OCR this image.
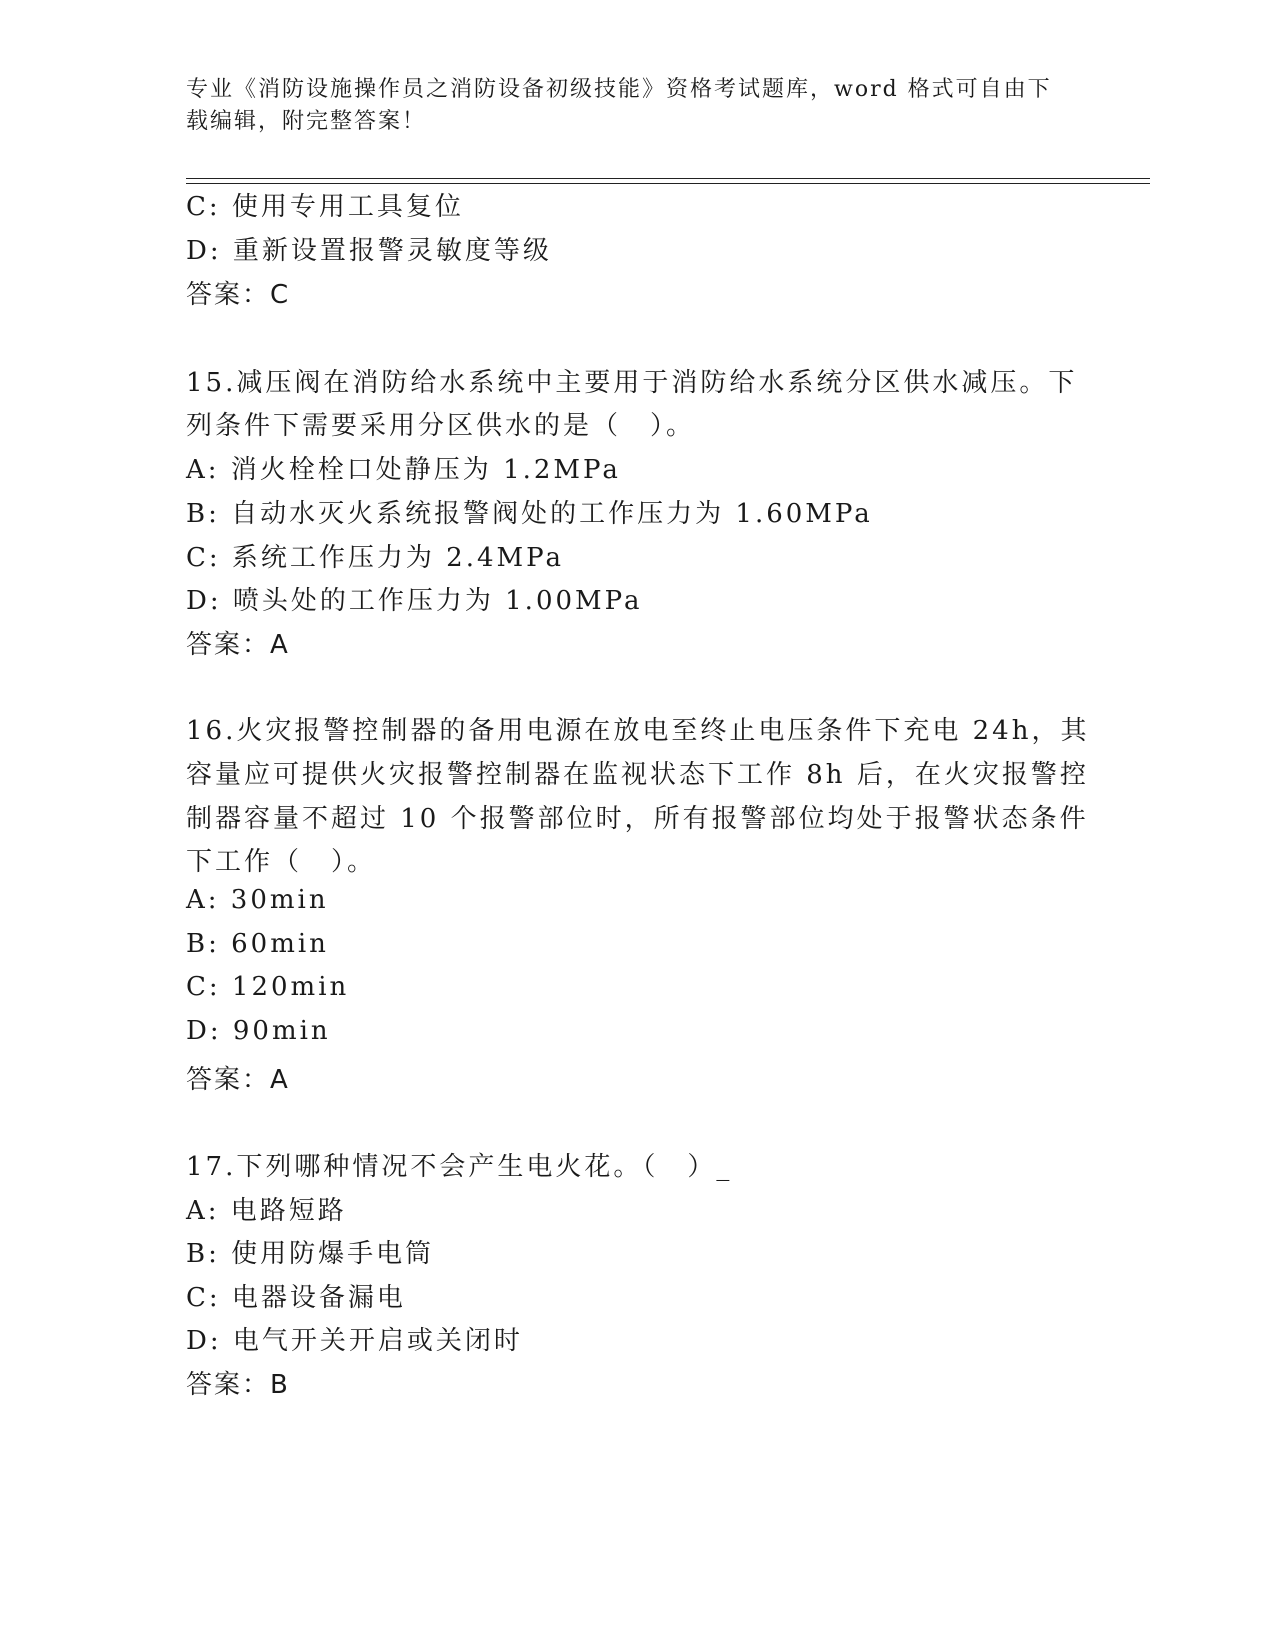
专业《消防设施操作员之消防设备初级技能》资格考试题库，word 格式可自由下
载编辑，附完整答案！
C: 使用专用工具复位
D: 重新设置报警灵敏度等级
答案：C
15.减压阀在消防给水系统中主要用于消防给水系统分区供水减压。下
列条件下需要采用分区供水的是（　）。
A: 消火栓栓口处静压为 1.2MPa
B: 自动水灭火系统报警阀处的工作压力为 1.60MPa
C: 系统工作压力为 2.4MPa
D: 喷头处的工作压力为 1.00MPa
答案：A
16.火灾报警控制器的备用电源在放电至终止电压条件下充电 24h，其
容量应可提供火灾报警控制器在监视状态下工作 8h 后，在火灾报警控
制器容量不超过 10 个报警部位时，所有报警部位均处于报警状态条件
下工作（　）。
A: 30min
B: 60min
C: 120min
D: 90min
答案：A
17.下列哪种情况不会产生电火花。（　）_
A: 电路短路
B: 使用防爆手电筒
C: 电器设备漏电
D: 电气开关开启或关闭时
答案：B
